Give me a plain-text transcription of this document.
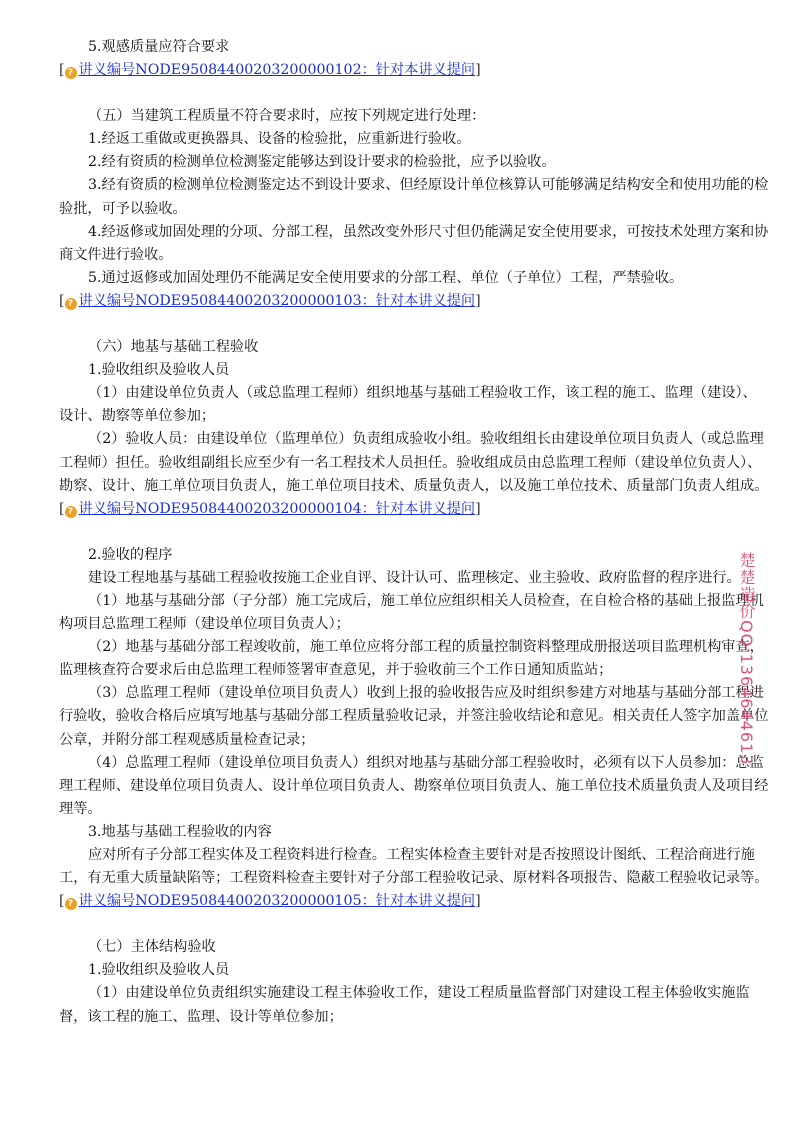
5.观感质量应符合要求

[ ? 讲义编号NODE95084400203200000102：针对本讲义提问]

（五）当建筑工程质量不符合要求时，应按下列规定进行处理：

1.经返工重做或更换器具、设备的检验批，应重新进行验收。

2.经有资质的检测单位检测鉴定能够达到设计要求的检验批，应予以验收。

3.经有资质的检测单位检测鉴定达不到设计要求、但经原设计单位核算认可能够满足结构安全和使用功能的检验批，可予以验收。

4.经返修或加固处理的分项、分部工程，虽然改变外形尺寸但仍能满足安全使用要求，可按技术处理方案和协商文件进行验收。

5.通过返修或加固处理仍不能满足安全使用要求的分部工程、单位（子单位）工程，严禁验收。

[ ? 讲义编号NODE95084400203200000103：针对本讲义提问]

（六）地基与基础工程验收

1.验收组织及验收人员

（1）由建设单位负责人（或总监理工程师）组织地基与基础工程验收工作，该工程的施工、监理（建设）、设计、勘察等单位参加；

（2）验收人员：由建设单位（监理单位）负责组成验收小组。验收组组长由建设单位项目负责人（或总监理工程师）担任。验收组副组长应至少有一名工程技术人员担任。验收组成员由总监理工程师（建设单位负责人）、勘察、设计、施工单位项目负责人，施工单位项目技术、质量负责人，以及施工单位技术、质量部门负责人组成。

[ ? 讲义编号NODE95084400203200000104：针对本讲义提问]

2.验收的程序

建设工程地基与基础工程验收按施工企业自评、设计认可、监理核定、业主验收、政府监督的程序进行。

（1）地基与基础分部（子分部）施工完成后，施工单位应组织相关人员检查，在自检合格的基础上报监理机构项目总监理工程师（建设单位项目负责人）；

（2）地基与基础分部工程竣收前，施工单位应将分部工程的质量控制资料整理成册报送项目监理机构审查，监理核查符合要求后由总监理工程师签署审查意见，并于验收前三个工作日通知质监站；

（3）总监理工程师（建设单位项目负责人）收到上报的验收报告应及时组织参建方对地基与基础分部工程进行验收，验收合格后应填写地基与基础分部工程质量验收记录，并签注验收结论和意见。相关责任人签字加盖单位公章，并附分部工程观感质量检查记录；

（4）总监理工程师（建设单位项目负责人）组织对地基与基础分部工程验收时，必须有以下人员参加：总监理工程师、建设单位项目负责人、设计单位项目负责人、勘察单位项目负责人、施工单位技术质量负责人及项目经理等。

3.地基与基础工程验收的内容

应对所有子分部工程实体及工程资料进行检查。工程实体检查主要针对是否按照设计图纸、工程洽商进行施工，有无重大质量缺陷等；工程资料检查主要针对子分部工程验收记录、原材料各项报告、隐蔽工程验收记录等。

[ ? 讲义编号NODE95084400203200000105：针对本讲义提问]

（七）主体结构验收

1.验收组织及验收人员

（1）由建设单位负责组织实施建设工程主体验收工作，建设工程质量监督部门对建设工程主体验收实施监督，该工程的施工、监理、设计等单位参加；

楚楚造价QQ:1364644613
